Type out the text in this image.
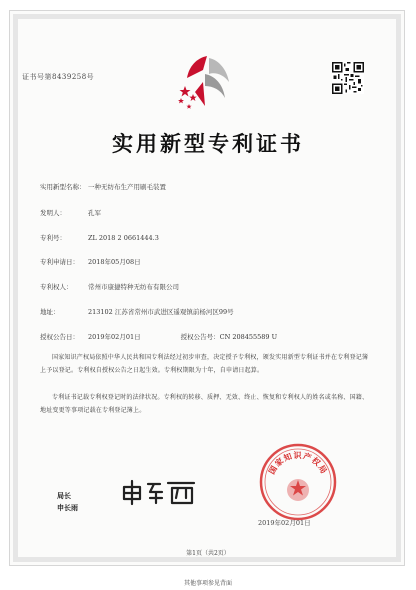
证书号第8439258号
实用新型专利证书
实用新型名称： 一种无纺布生产用刷毛装置
发明人：	孔军
专利号：	ZL 2018 2 0661444.3
专利申请日： 2018年05月08日
专利权人： 常州市康捷特种无纺布有限公司
地址：	213102 江苏省常州市武进区遥观镇前杨河区99号
授权公告日： 2019年02月01日	授权公告号：CN 208455589 U
国家知识产权局依照中华人民共和国专利法经过初步审查，决定授予专利权，颁发实用新型专利证书并在专利登记簿上予以登记。专利权自授权公告之日起生效。专利权期限为十年，自申请日起算。
专利证书记载专利权登记时的法律状况。专利权的转移、质押、无效、终止、恢复和专利权人的姓名或名称、国籍、地址变更等事项记载在专利登记簿上。
国家知识产权局
局长
申长雨
2019年02月01日
第1页（共2页）
其他事项参见背面
